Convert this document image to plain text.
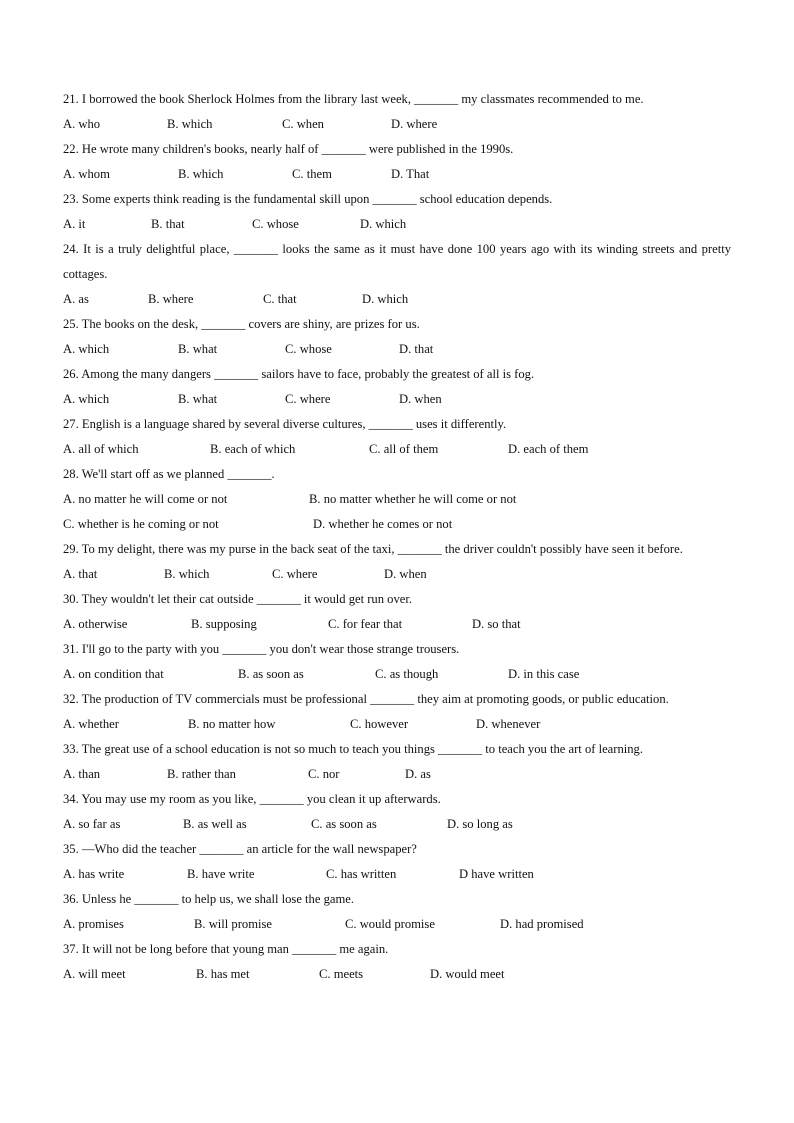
21. I borrowed the book Sherlock Holmes from the library last week, _______ my classmates recommended to me.
A. who	B. which	C. when	D. where
22. He wrote many children's books, nearly half of _______ were published in the 1990s.
A. whom	B. which	C. them	D. That
23. Some experts think reading is the fundamental skill upon _______ school education depends.
A. it	B. that	C. whose	D. which
24. It is a truly delightful place, _______ looks the same as it must have done 100 years ago with its winding streets and pretty cottages.
A. as	B. where	C. that	D. which
25. The books on the desk, _______ covers are shiny, are prizes for us.
A. which	B. what	C. whose	D. that
26. Among the many dangers _______ sailors have to face, probably the greatest of all is fog.
A. which	B. what	C. where	D. when
27. English is a language shared by several diverse cultures, _______ uses it differently.
A. all of which	B. each of which	C. all of them	D. each of them
28. We'll start off as we planned _______.
A. no matter he will come or not	B. no matter whether he will come or not
C. whether is he coming or not	D. whether he comes or not
29. To my delight, there was my purse in the back seat of the taxi, _______ the driver couldn't possibly have seen it before.
A. that	B. which	C. where	D. when
30. They wouldn't let their cat outside _______ it would get run over.
A. otherwise	B. supposing	C. for fear that	D. so that
31. I'll go to the party with you _______ you don't wear those strange trousers.
A. on condition that	B. as soon as	C. as though	D. in this case
32. The production of TV commercials must be professional _______ they aim at promoting goods, or public education.
A. whether	B. no matter how	C. however	D. whenever
33. The great use of a school education is not so much to teach you things _______ to teach you the art of learning.
A. than	B. rather than	C. nor	D. as
34. You may use my room as you like, _______ you clean it up afterwards.
A. so far as	B. as well as	C. as soon as	D. so long as
35. —Who did the teacher _______ an article for the wall newspaper?
A. has write	B. have write	C. has written	D have written
36. Unless he _______ to help us, we shall lose the game.
A. promises	B. will promise	C. would promise	D. had promised
37. It will not be long before that young man _______ me again.
A. will meet	B. has met	C. meets	D. would meet
